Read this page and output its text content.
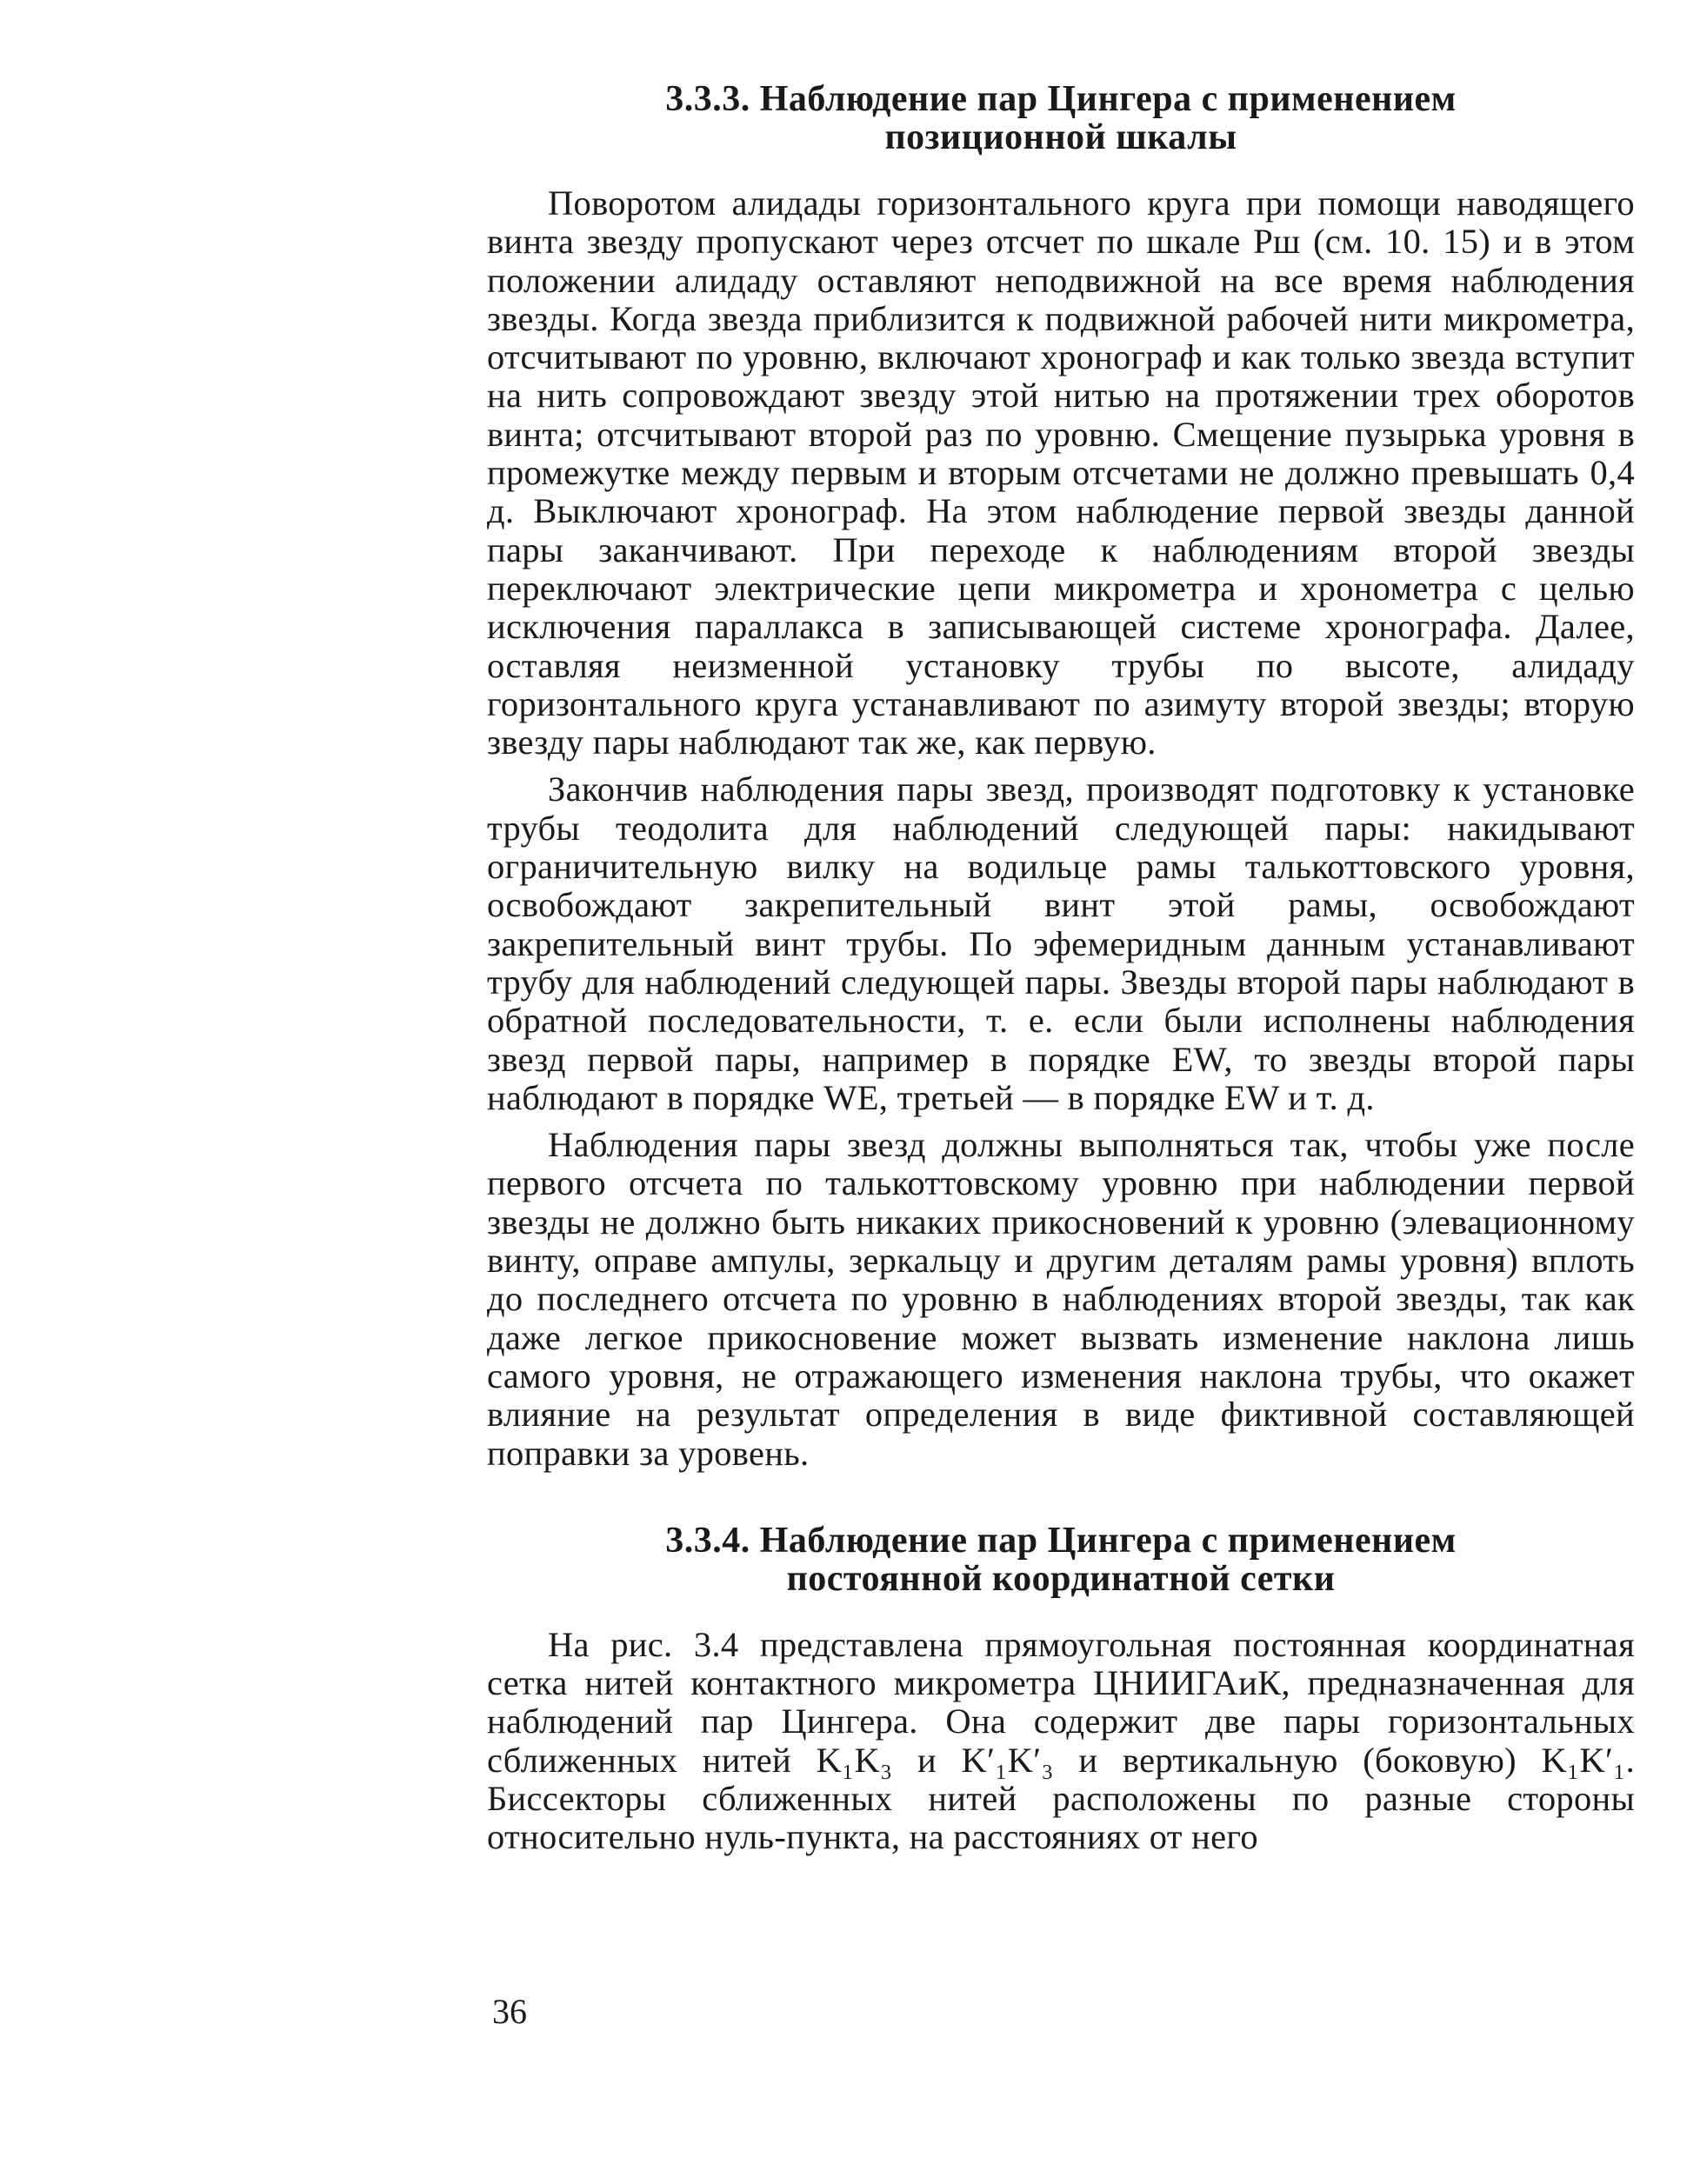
3.3.3. Наблюдение пар Цингера с применением
позиционной шкалы

Поворотом алидады горизонтального круга при помощи наводящего винта звезду пропускают через отсчет по шкале Pш (см. 10. 15) и в этом положении алидаду оставляют неподвижной на все время наблюдения звезды. Когда звезда приблизится к подвижной рабочей нити микрометра, отсчитывают по уровню, включают хронограф и как только звезда вступит на нить сопровождают звезду этой нитью на протяжении трех оборотов винта; отсчитывают второй раз по уровню. Смещение пузырька уровня в промежутке между первым и вторым отсчетами не должно превышать 0,4 д. Выключают хронограф. На этом наблюдение первой звезды данной пары заканчивают. При переходе к наблюдениям второй звезды переключают электрические цепи микрометра и хронометра с целью исключения параллакса в записывающей системе хронографа. Далее, оставляя неизменной установку трубы по высоте, алидаду горизонтального круга устанавливают по азимуту второй звезды; вторую звезду пары наблюдают так же, как первую.

Закончив наблюдения пары звезд, производят подготовку к установке трубы теодолита для наблюдений следующей пары: накидывают ограничительную вилку на водильце рамы талькоттовского уровня, освобождают закрепительный винт этой рамы, освобождают закрепительный винт трубы. По эфемеридным данным устанавливают трубу для наблюдений следующей пары. Звезды второй пары наблюдают в обратной последовательности, т. е. если были исполнены наблюдения звезд первой пары, например в порядке EW, то звезды второй пары наблюдают в порядке WE, третьей — в порядке EW и т. д.

Наблюдения пары звезд должны выполняться так, чтобы уже после первого отсчета по талькоттовскому уровню при наблюдении первой звезды не должно быть никаких прикосновений к уровню (элевационному винту, оправе ампулы, зеркальцу и другим деталям рамы уровня) вплоть до последнего отсчета по уровню в наблюдениях второй звезды, так как даже легкое прикосновение может вызвать изменение наклона лишь самого уровня, не отражающего изменения наклона трубы, что окажет влияние на результат определения в виде фиктивной составляющей поправки за уровень.

3.3.4. Наблюдение пар Цингера с применением
постоянной координатной сетки

На рис. 3.4 представлена прямоугольная постоянная координатная сетка нитей контактного микрометра ЦНИИГАиК, предназначенная для наблюдений пар Цингера. Она содержит две пары горизонтальных сближенных нитей K₁K₃ и K′₁K′₃ и вертикальную (боковую) K₁K′₁. Биссекторы сближенных нитей расположены по разные стороны относительно нуль-пункта, на расстояниях от него

36
